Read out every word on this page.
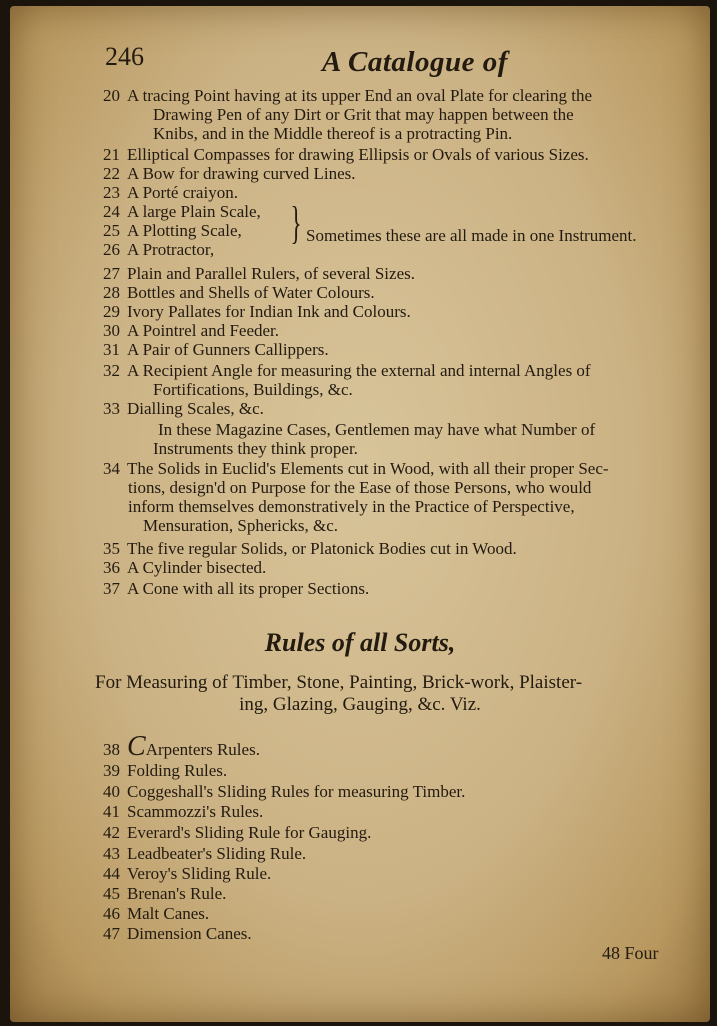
246	A Catalogue of
20 A tracing Point having at its upper End an oval Plate for clearing the
Drawing Pen of any Dirt or Grit that may happen between the
Knibs, and in the Middle thereof is a protracting Pin.
21 Elliptical Compasses for drawing Ellipsis or Ovals of various Sizes.
22 A Bow for drawing curved Lines.
23 A Porté craiyon.
24 A large Plain Scale,
25 A Plotting Scale,
26 A Protractor,
} Sometimes these are all made in one Instrument.
27 Plain and Parallel Rulers, of several Sizes.
28 Bottles and Shells of Water Colours.
29 Ivory Pallates for Indian Ink and Colours.
30 A Pointrel and Feeder.
31 A Pair of Gunners Callippers.
32 A Recipient Angle for measuring the external and internal Angles of
Fortifications, Buildings, &c.
33 Dialling Scales, &c.
In these Magazine Cases, Gentlemen may have what Number of
Instruments they think proper.
34 The Solids in Euclid's Elements cut in Wood, with all their proper Sec-
tions, design'd on Purpose for the Ease of those Persons, who would
inform themselves demonstratively in the Practice of Perspective,
Mensuration, Sphericks, &c.
35 The five regular Solids, or Platonick Bodies cut in Wood.
36 A Cylinder bisected.
37 A Cone with all its proper Sections.
Rules of all Sorts,
For Measuring of Timber, Stone, Painting, Brick-work, Plaister-
ing, Glazing, Gauging, &c. Viz.
38 CArpenters Rules.
39 Folding Rules.
40 Coggeshall's Sliding Rules for measuring Timber.
41 Scammozzi's Rules.
42 Everard's Sliding Rule for Gauging.
43 Leadbeater's Sliding Rule.
44 Veroy's Sliding Rule.
45 Brenan's Rule.
46 Malt Canes.
47 Dimension Canes.
48 Four
